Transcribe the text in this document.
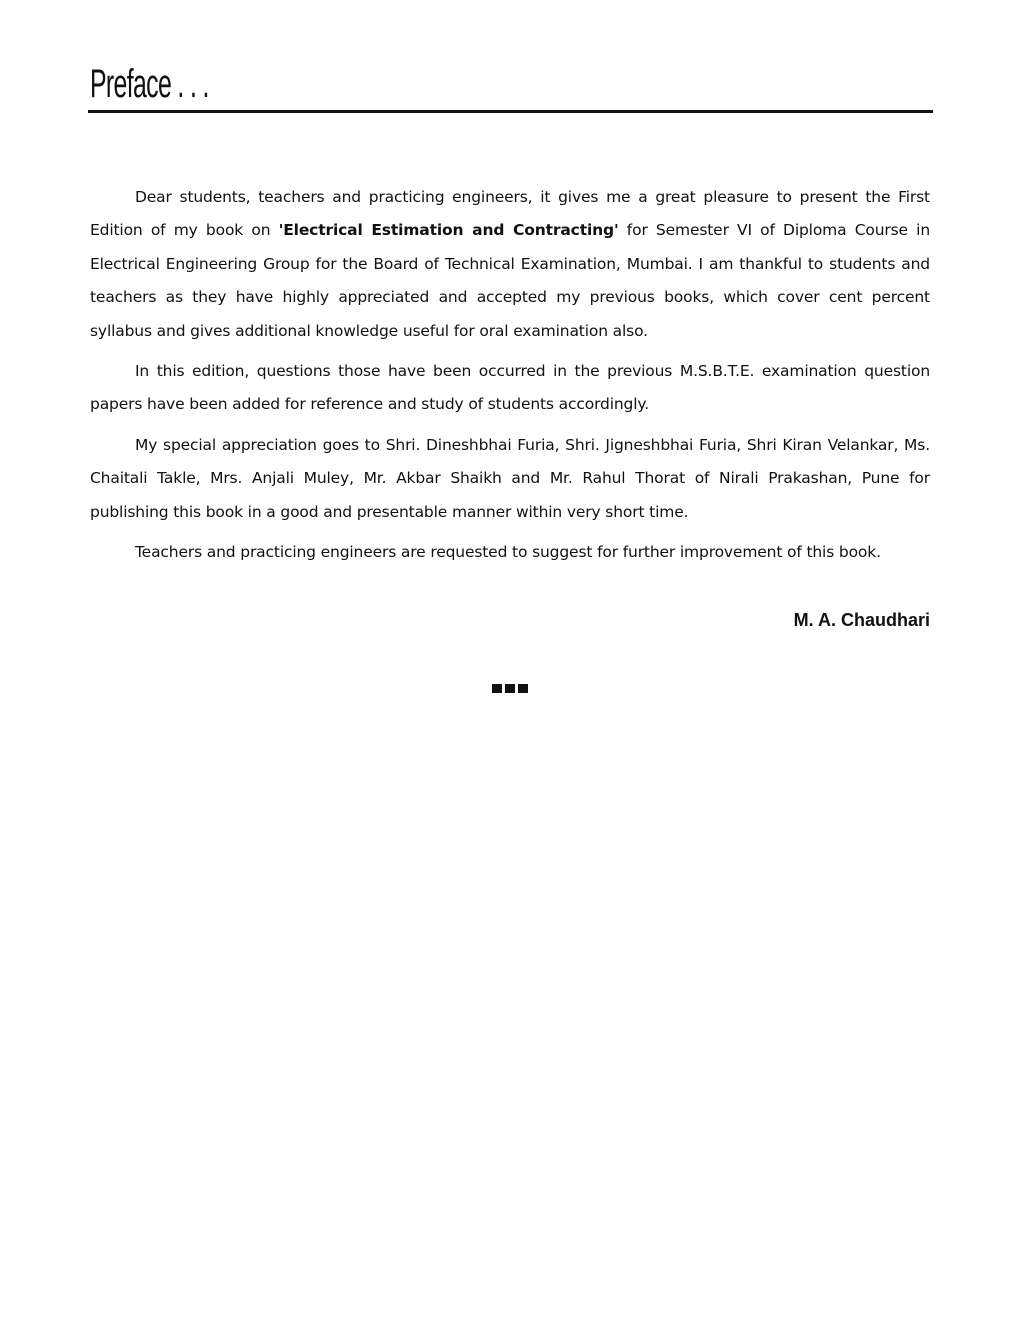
Preface . . .

Dear students, teachers and practicing engineers, it gives me a great pleasure to present the First Edition of my book on 'Electrical Estimation and Contracting' for Semester VI of Diploma Course in Electrical Engineering Group for the Board of Technical Examination, Mumbai. I am thankful to students and teachers as they have highly appreciated and accepted my previous books, which cover cent percent syllabus and gives additional knowledge useful for oral examination also.

In this edition, questions those have been occurred in the previous M.S.B.T.E. examination question papers have been added for reference and study of students accordingly.

My special appreciation goes to Shri. Dineshbhai Furia, Shri. Jigneshbhai Furia, Shri Kiran Velankar, Ms. Chaitali Takle, Mrs. Anjali Muley, Mr. Akbar Shaikh and Mr. Rahul Thorat of Nirali Prakashan, Pune for publishing this book in a good and presentable manner within very short time.

Teachers and practicing engineers are requested to suggest for further improvement of this book.

M. A. Chaudhari
